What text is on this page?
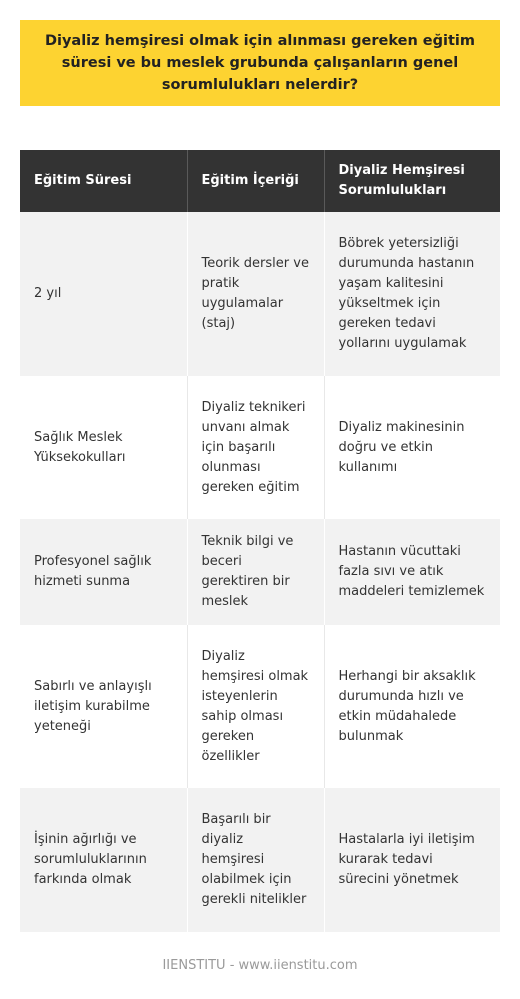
Diyaliz hemşiresi olmak için alınması gereken eğitim süresi ve bu meslek grubunda çalışanların genel sorumlulukları nelerdir?
Eğitim Süresi	Eğitim İçeriği	Diyaliz Hemşiresi Sorumlulukları
2 yıl	Teorik dersler ve pratik uygulamalar (staj)	Böbrek yetersizliği durumunda hastanın yaşam kalitesini yükseltmek için gereken tedavi yollarını uygulamak
Sağlık Meslek Yüksekokulları	Diyaliz teknikeri unvanı almak için başarılı olunması gereken eğitim	Diyaliz makinesinin doğru ve etkin kullanımı
Profesyonel sağlık hizmeti sunma	Teknik bilgi ve beceri gerektiren bir meslek	Hastanın vücuttaki fazla sıvı ve atık maddeleri temizlemek
Sabırlı ve anlayışlı iletişim kurabilme yeteneği	Diyaliz hemşiresi olmak isteyenlerin sahip olması gereken özellikler	Herhangi bir aksaklık durumunda hızlı ve etkin müdahalede bulunmak
İşinin ağırlığı ve sorumluluklarının farkında olmak	Başarılı bir diyaliz hemşiresi olabilmek için gerekli nitelikler	Hastalarla iyi iletişim kurarak tedavi sürecini yönetmek
IIENSTITU - www.iienstitu.com
